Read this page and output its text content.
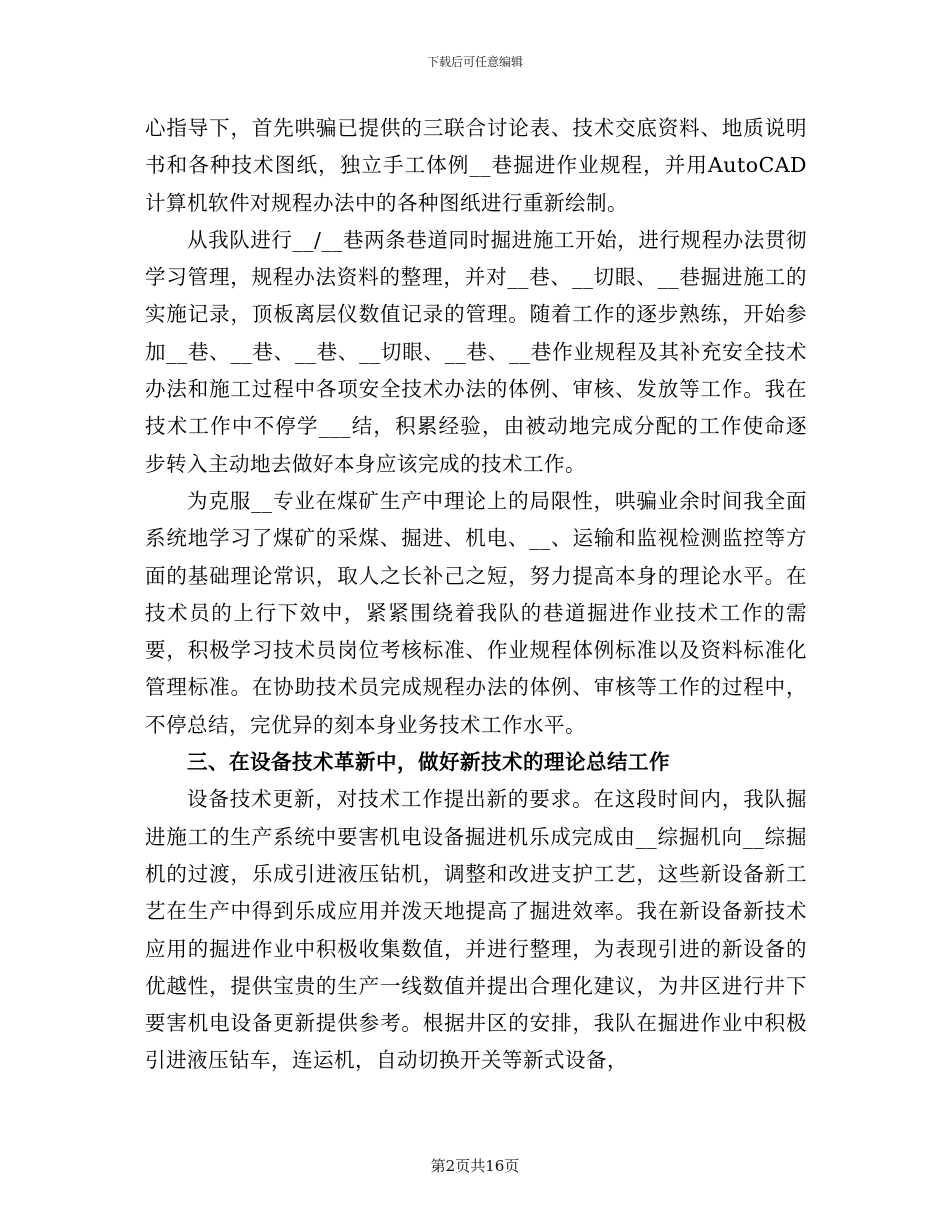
下载后可任意编辑

心指导下，首先哄骗已提供的三联合讨论表、技术交底资料、地质说明书和各种技术图纸，独立手工体例__巷掘进作业规程，并用AutoCAD计算机软件对规程办法中的各种图纸进行重新绘制。

从我队进行__/__巷两条巷道同时掘进施工开始，进行规程办法贯彻学习管理，规程办法资料的整理，并对__巷、__切眼、__巷掘进施工的实施记录，顶板离层仪数值记录的管理。随着工作的逐步熟练，开始参加__巷、__巷、__巷、__切眼、__巷、__巷作业规程及其补充安全技术办法和施工过程中各项安全技术办法的体例、审核、发放等工作。我在技术工作中不停学___结，积累经验，由被动地完成分配的工作使命逐步转入主动地去做好本身应该完成的技术工作。

为克服__专业在煤矿生产中理论上的局限性，哄骗业余时间我全面系统地学习了煤矿的采煤、掘进、机电、__、运输和监视检测监控等方面的基础理论常识，取人之长补己之短，努力提高本身的理论水平。在技术员的上行下效中，紧紧围绕着我队的巷道掘进作业技术工作的需要，积极学习技术员岗位考核标准、作业规程体例标准以及资料标准化管理标准。在协助技术员完成规程办法的体例、审核等工作的过程中，不停总结，完优异的刻本身业务技术工作水平。

三、在设备技术革新中，做好新技术的理论总结工作

设备技术更新，对技术工作提出新的要求。在这段时间内，我队掘进施工的生产系统中要害机电设备掘进机乐成完成由__综掘机向__综掘机的过渡，乐成引进液压钻机，调整和改进支护工艺，这些新设备新工艺在生产中得到乐成应用并泼天地提高了掘进效率。我在新设备新技术应用的掘进作业中积极收集数值，并进行整理，为表现引进的新设备的优越性，提供宝贵的生产一线数值并提出合理化建议，为井区进行井下要害机电设备更新提供参考。根据井区的安排，我队在掘进作业中积极引进液压钻车，连运机，自动切换开关等新式设备，

第2页共16页
